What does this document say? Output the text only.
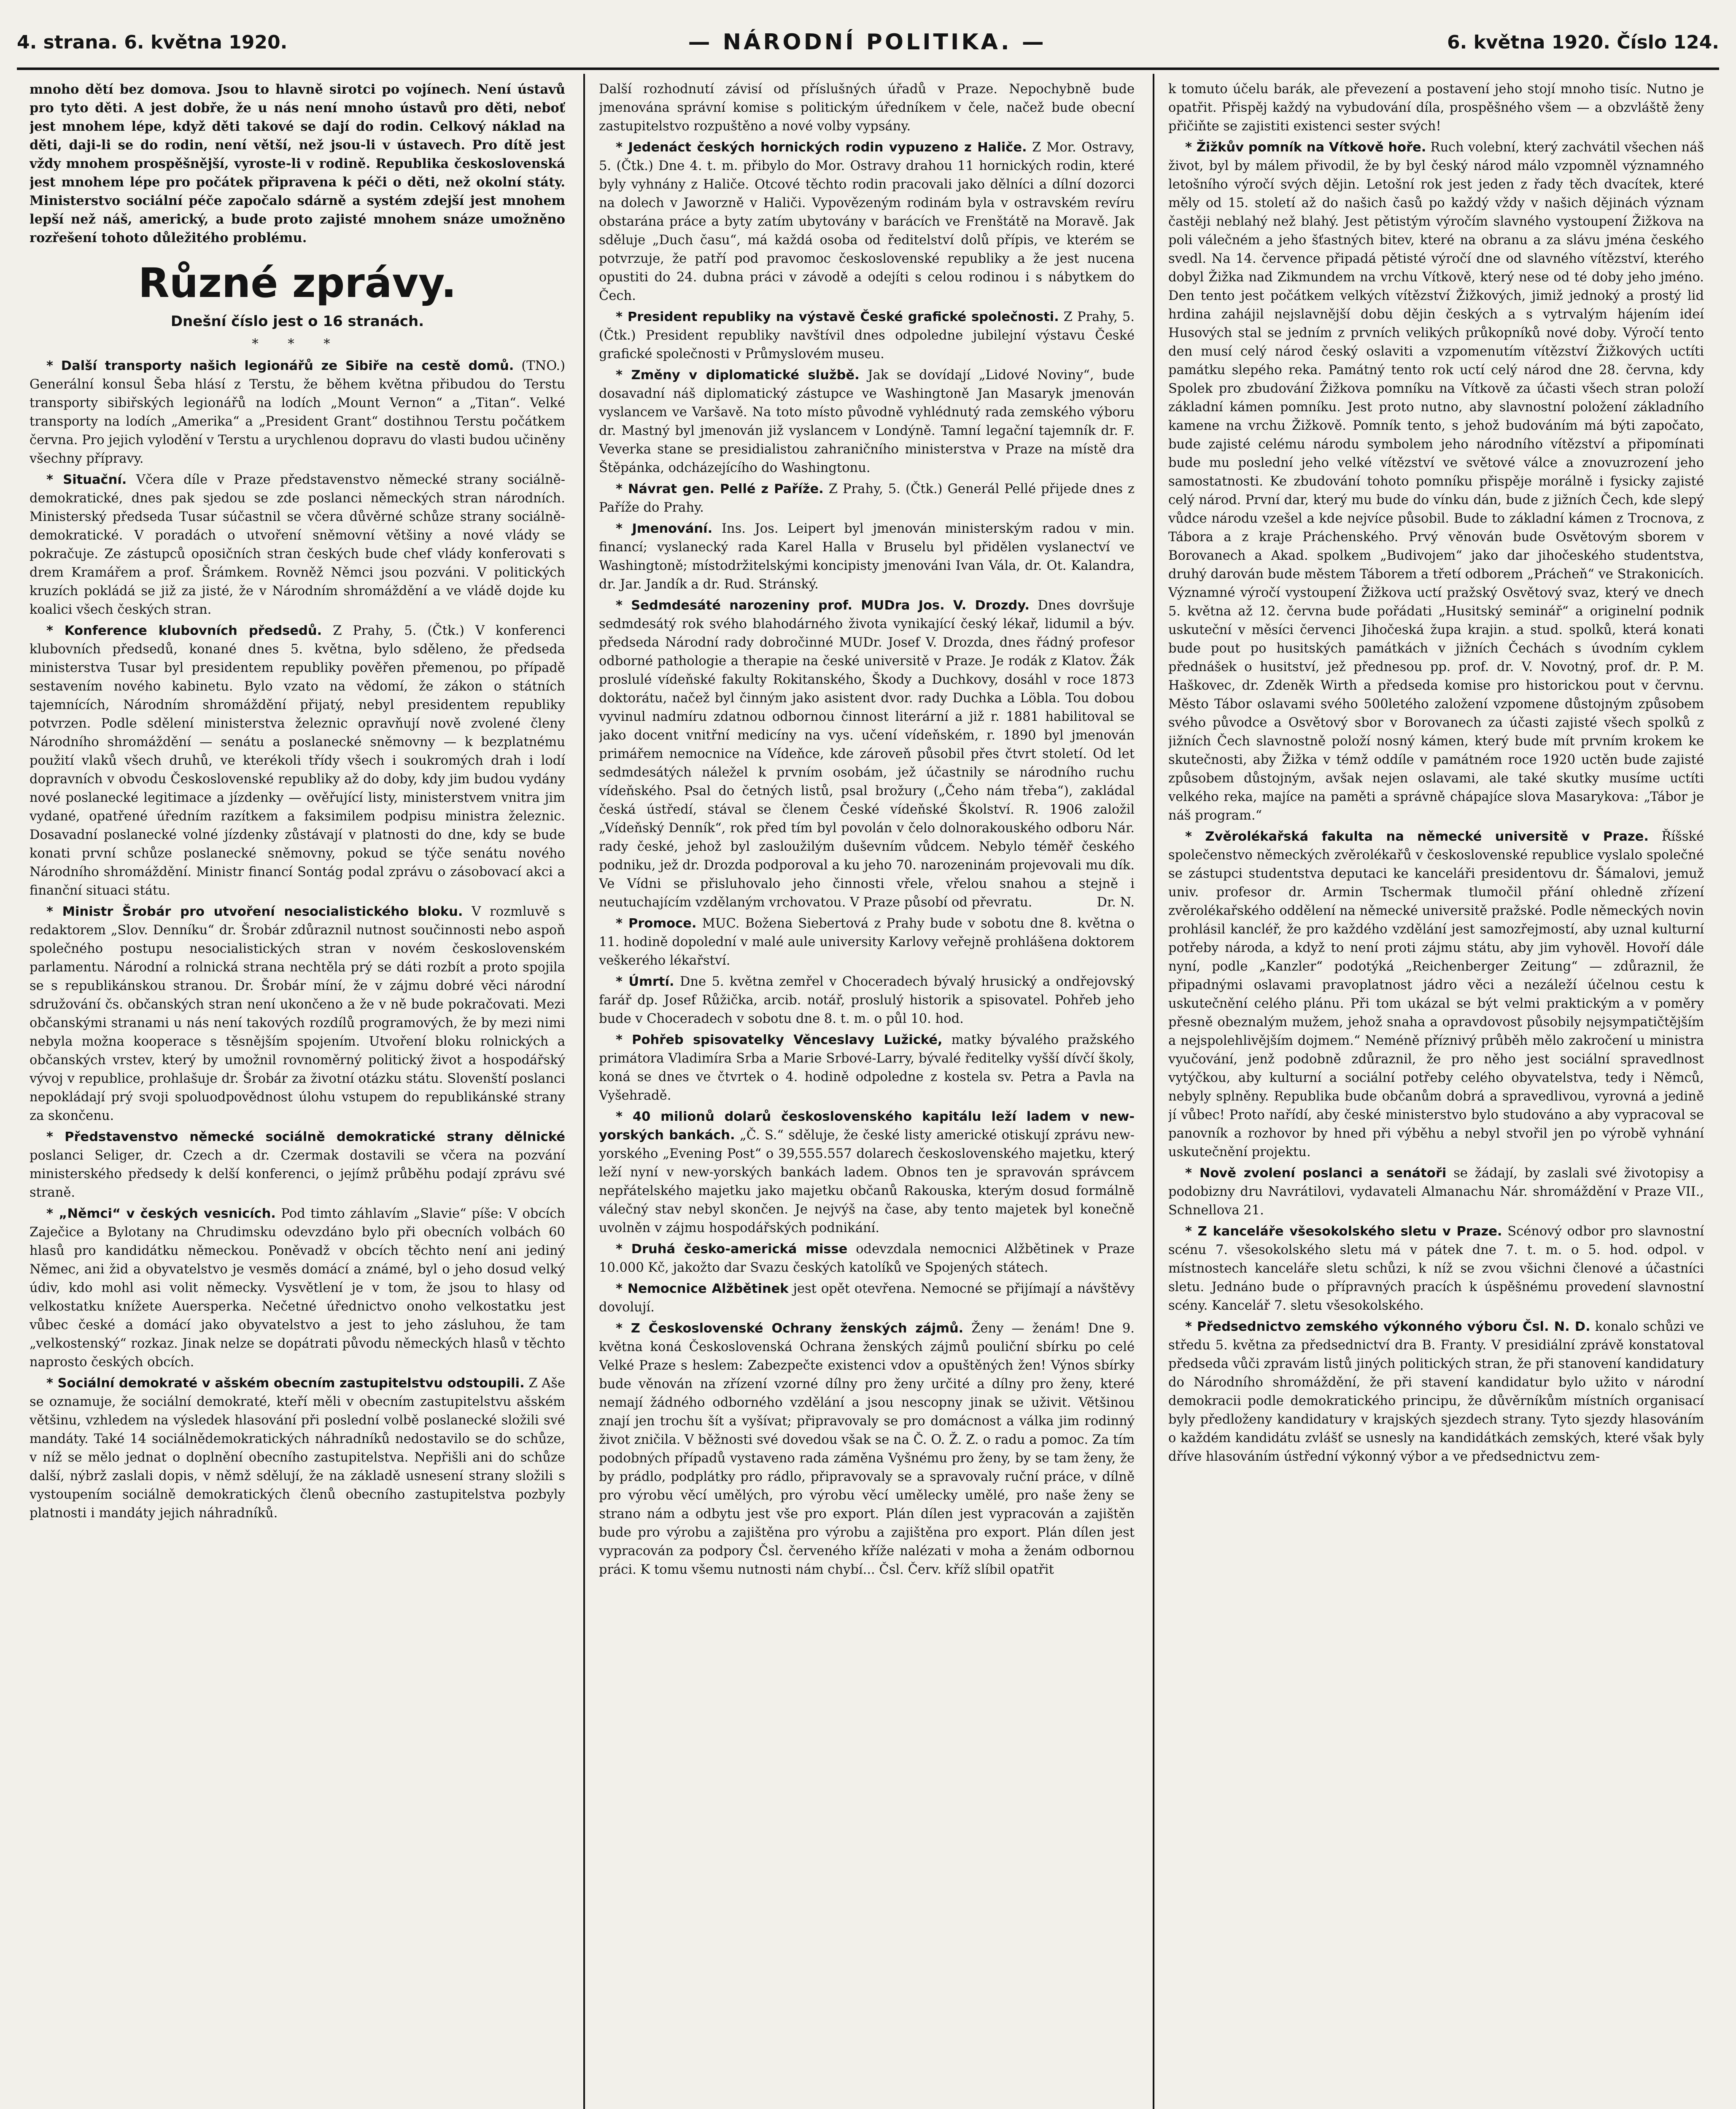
4. strana. 6. května 1920.	— NÁRODNÍ POLITIKA. —	6. května 1920. Číslo 124.

mnoho dětí bez domova. Jsou to hlavně sirotci po vojínech. Není ústavů pro tyto děti. A jest dobře, že u nás není mnoho ústavů pro děti, neboť jest mnohem lépe, když děti takové se dají do rodin. Celkový náklad na děti, daji-li se do rodin, není větší, než jsou-li v ústavech. Pro dítě jest vždy mnohem prospěšnější, vyroste-li v rodině. Republika československá jest mnohem lépe pro počátek připravena k péči o děti, než okolní státy. Ministerstvo sociální péče započalo sdárně a systém zdejší jest mnohem lepší než náš, americký, a bude proto zajisté mnohem snáze umožněno rozřešení tohoto důležitého problému.

Různé zprávy.
Dnešní číslo jest o 16 stranách.
* * *

* Další transporty našich legionářů ze Sibiře na cestě domů. (TNO.) Generální konsul Šeba hlásí z Terstu, že během května přibudou do Terstu transporty sibiřských legionářů na lodích „Mount Vernon“ a „Titan“. Velké transporty na lodích „Amerika“ a „President Grant“ dostihnou Terstu počátkem června. Pro jejich vylodění v Terstu a urychlenou dopravu do vlasti budou učiněny všechny přípravy.

* Situační. Včera díle v Praze představenstvo německé strany sociálně-demokratické, dnes pak sjedou se zde poslanci německých stran národních. Ministerský předseda Tusar súčastnil se včera důvěrné schůze strany sociálně-demokratické. V poradách o utvoření sněmovní většiny a nové vlády se pokračuje. Ze zástupců oposičních stran českých bude chef vlády konferovati s drem Kramářem a prof. Šrámkem. Rovněž Němci jsou pozváni. V politických kruzích pokládá se již za jisté, že v Národním shromáždění a ve vládě dojde ku koalici všech českých stran.

* Konference klubovních předsedů. Z Prahy, 5. (Čtk.) V konferenci klubovních předsedů, konané dnes 5. května, bylo sděleno, že předseda ministerstva Tusar byl presidentem republiky pověřen přemenou, po případě sestavením nového kabinetu. Bylo vzato na vědomí, že zákon o státních tajemnících, Národním shromáždění přijatý, nebyl presidentem republiky potvrzen. Podle sdělení ministerstva železnic opravňují nově zvolené členy Národního shromáždění — senátu a poslanecké sněmovny — k bezplatnému použití vlaků všech druhů, ve kterékoli třídy všech i soukromých drah i lodí dopravních v obvodu Československé republiky až do doby, kdy jim budou vydány nové poslanecké legitimace a jízdenky — ověřující listy, ministerstvem vnitra jim vydané, opatřené úředním razítkem a faksimilem podpisu ministra železnic. Dosavadní poslanecké volné jízdenky zůstávají v platnosti do dne, kdy se bude konati první schůze poslanecké sněmovny, pokud se týče senátu nového Národního shromáždění. Ministr financí Sontág podal zprávu o zásobovací akci a finanční situaci státu.

* Ministr Šrobár pro utvoření nesocialistického bloku. V rozmluvě s redaktorem „Slov. Denníku“ dr. Šrobár zdůraznil nutnost součinnosti nebo aspoň společného postupu nesocialistických stran v novém československém parlamentu. Národní a rolnická strana nechtěla prý se dáti rozbít a proto spojila se s republikánskou stranou. Dr. Šrobár míní, že v zájmu dobré věci národní sdružování čs. občanských stran není ukončeno a že v ně bude pokračovati. Mezi občanskými stranami u nás není takových rozdílů programových, že by mezi nimi nebyla možna kooperace s těsnějším spojením. Utvoření bloku rolnických a občanských vrstev, který by umožnil rovnoměrný politický život a hospodářský vývoj v republice, prohlašuje dr. Šrobár za životní otázku státu. Slovenští poslanci nepokládají prý svoji spoluodpovědnost úlohu vstupem do republikánské strany za skončenu.

* Představenstvo německé sociálně demokratické strany dělnické poslanci Seliger, dr. Czech a dr. Czermak dostavili se včera na pozvání ministerského předsedy k delší konferenci, o jejímž průběhu podají zprávu své straně.

* „Němci“ v českých vesnicích. Pod timto záhlavím „Slavie“ píše: V obcích Zaječice a Bylotany na Chrudimsku odevzdáno bylo při obecních volbách 60 hlasů pro kandidátku německou. Poněvadž v obcích těchto není ani jediný Němec, ani žid a obyvatelstvo je vesměs domácí a známé, byl o jeho dosud velký údiv, kdo mohl asi volit německy. Vysvětlení je v tom, že jsou to hlasy od velkostatku knížete Auersperka. Nečetné úřednictvo onoho velkostatku jest vůbec české a domácí jako obyvatelstvo a jest to jeho zásluhou, že tam „velkostenský“ rozkaz. Jinak nelze se dopátrati původu německých hlasů v těchto naprosto českých obcích.

* Sociální demokraté v ašském obecním zastupitelstvu odstoupili. Z Aše se oznamuje, že sociální demokraté, kteří měli v obecním zastupitelstvu ašském většinu, vzhledem na výsledek hlasování při poslední volbě poslanecké složili své mandáty. Také 14 sociálnědemokratických náhradníků nedostavilo se do schůze, v níž se mělo jednat o doplnění obecního zastupitelstva. Nepřišli ani do schůze další, nýbrž zaslali dopis, v němž sdělují, že na základě usnesení strany složili s vystoupením sociálně demokratických členů obecního zastupitelstva pozbyly platnosti i mandáty jejich náhradníků.

Další rozhodnutí závisí od příslušných úřadů v Praze. Nepochybně bude jmenována správní komise s politickým úředníkem v čele, načež bude obecní zastupitelstvo rozpuštěno a nové volby vypsány.

* Jedenáct českých hornických rodin vypuzeno z Haliče. Z Mor. Ostravy, 5. (Čtk.) Dne 4. t. m. přibylo do Mor. Ostravy drahou 11 hornických rodin, které byly vyhnány z Haliče. Otcové těchto rodin pracovali jako dělníci a dílní dozorci na dolech v Jaworzně v Haliči. Vypovězeným rodinám byla v ostravském revíru obstarána práce a byty zatím ubytovány v barácích ve Frenštátě na Moravě. Jak sděluje „Duch času“, má každá osoba od ředitelství dolů přípis, ve kterém se potvrzuje, že patří pod pravomoc československé republiky a že jest nucena opustiti do 24. dubna práci v závodě a odejíti s celou rodinou i s nábytkem do Čech.

* President republiky na výstavě České grafické společnosti. Z Prahy, 5. (Čtk.) President republiky navštívil dnes odpoledne jubilejní výstavu České grafické společnosti v Průmyslovém museu.

* Změny v diplomatické službě. Jak se dovídají „Lidové Noviny“, bude dosavadní náš diplomatický zástupce ve Washingtoně Jan Masaryk jmenován vyslancem ve Varšavě. Na toto místo původně vyhlédnutý rada zemského výboru dr. Mastný byl jmenován již vyslancem v Londýně. Tamní legační tajemník dr. F. Veverka stane se presidialistou zahraničního ministerstva v Praze na místě dra Štěpánka, odcházejícího do Washingtonu.

* Návrat gen. Pellé z Paříže. Z Prahy, 5. (Čtk.) Generál Pellé přijede dnes z Paříže do Prahy.

* Jmenování. Ins. Jos. Leipert byl jmenován ministerským radou v min. financí; vyslanecký rada Karel Halla v Bruselu byl přidělen vyslanectví ve Washingtoně; místodržitelskými koncipisty jmenováni Ivan Vála, dr. Ot. Kalandra, dr. Jar. Jandík a dr. Rud. Stránský.

* Sedmdesáté narozeniny prof. MUDra Jos. V. Drozdy. Dnes dovršuje sedmdesátý rok svého blahodárného života vynikající český lékař, lidumil a býv. předseda Národní rady dobročinné MUDr. Josef V. Drozda, dnes řádný profesor odborné pathologie a therapie na české universitě v Praze. Je rodák z Klatov. Žák proslulé vídeňské fakulty Rokitanského, Škody a Duchkovy, dosáhl v roce 1873 doktorátu, načež byl činným jako asistent dvor. rady Duchka a Löbla. Tou dobou vyvinul nadmíru zdatnou odbornou činnost literární a již r. 1881 habilitoval se jako docent vnitřní medicíny na vys. učení vídeňském, r. 1890 byl jmenován primářem nemocnice na Vídeňce, kde zároveň působil přes čtvrt století. Od let sedmdesátých náležel k prvním osobám, jež účastnily se národního ruchu vídeňského. Psal do četných listů, psal brožury („Čeho nám třeba“), zakládal česká ústředí, stával se členem České vídeňské Školství. R. 1906 založil „Vídeňský Denník“, rok před tím byl povolán v čelo dolnorakouského odboru Nár. rady české, jehož byl zasloužilým duševním vůdcem. Nebylo téměř českého podniku, jež dr. Drozda podporoval a ku jeho 70. narozeninám projevovali mu dík. Ve Vídni se přisluhovalo jeho činnosti vřele, vřelou snahou a stejně i neutuchajícím vzdělaným vrchovatou. V Praze působí od převratu.	Dr. N.

* Promoce. MUC. Božena Siebertová z Prahy bude v sobotu dne 8. května o 11. hodině dopolední v malé aule university Karlovy veřejně prohlášena doktorem veškerého lékařství.

* Úmrtí. Dne 5. května zemřel v Choceradech bývalý hrusický a ondřejovský farář dp. Josef Růžička, arcib. notář, proslulý historik a spisovatel. Pohřeb jeho bude v Choceradech v sobotu dne 8. t. m. o půl 10. hod.

* Pohřeb spisovatelky Věnceslavy Lužické, matky bývalého pražského primátora Vladimíra Srba a Marie Srbové-Larry, bývalé ředitelky vyšší dívčí školy, koná se dnes ve čtvrtek o 4. hodině odpoledne z kostela sv. Petra a Pavla na Vyšehradě.

* 40 milionů dolarů československého kapitálu leží ladem v new-yorských bankách. „Č. S.“ sděluje, že české listy americké otiskují zprávu new-yorského „Evening Post“ o 39,555.557 dolarech československého majetku, který leží nyní v new-yorských bankách ladem. Obnos ten je spravován správcem nepřátelského majetku jako majetku občanů Rakouska, kterým dosud formálně válečný stav nebyl skončen. Je nejvýš na čase, aby tento majetek byl konečně uvolněn v zájmu hospodářských podnikání.

* Druhá česko-americká misse odevzdala nemocnici Alžbětinek v Praze 10.000 Kč, jakožto dar Svazu českých katolíků ve Spojených státech.

* Nemocnice Alžbětinek jest opět otevřena. Nemocné se přijímají a návštěvy dovolují.

* Z Československé Ochrany ženských zájmů. Ženy — ženám! Dne 9. května koná Československá Ochrana ženských zájmů pouliční sbírku po celé Velké Praze s heslem: Zabezpečte existenci vdov a opuštěných žen! Výnos sbírky bude věnován na zřízení vzorné dílny pro ženy určité a dílny pro ženy, které nemají žádného odborného vzdělání a jsou nescopny jinak se uživit. Většinou znají jen trochu šít a vyšívat; připravovaly se pro domácnost a válka jim rodinný život zničila. V běžnosti své dovedou však se na Č. O. Ž. Z. o radu a pomoc. Za tím podobných případů vystaveno rada záměna Vyšnému pro ženy, by se tam ženy, že by prádlo, podplátky pro rádlo, připravovaly se a spravovaly ruční práce, v dílně pro výrobu věcí umělých, pro výrobu věcí umělecky umělé, pro naše ženy se strano nám a odbytu jest vše pro export. Plán dílen jest vypracován a zajištěn bude pro výrobu a zajištěna pro výrobu a zajištěna pro export. Plán dílen jest vypracován za podpory Čsl. červeného kříže nalézati v moha a ženám odbornou práci. K tomu všemu nutnosti nám chybí... Čsl. Červ. kříž slíbil opatřit

k tomuto účelu barák, ale převezení a postavení jeho stojí mnoho tisíc. Nutno je opatřit. Přispěj každý na vybudování díla, prospěšného všem — a obzvláště ženy přičiňte se zajistiti existenci sester svých!

* Žižkův pomník na Vítkově hoře. Ruch volební, který zachvátil všechen náš život, byl by málem přivodil, že by byl český národ málo vzpomněl významného letošního výročí svých dějin. Letošní rok jest jeden z řady těch dvacítek, které měly od 15. století až do našich časů po každý vždy v našich dějinách význam častěji neblahý než blahý. Jest pětistým výročím slavného vystoupení Žižkova na poli válečném a jeho šťastných bitev, které na obranu a za slávu jména českého svedl. Na 14. července připadá pětisté výročí dne od slavného vítězství, kterého dobyl Žižka nad Zikmundem na vrchu Vítkově, který nese od té doby jeho jméno. Den tento jest počátkem velkých vítězství Žižkových, jimiž jednoký a prostý lid hrdina zahájil nejslavnější dobu dějin českých a s vytrvalým hájením ideí Husových stal se jedním z prvních velikých průkopníků nové doby. Výročí tento den musí celý národ český oslaviti a vzpomenutím vítězství Žižkových uctíti památku slepého reka. Památný tento rok uctí celý národ dne 28. června, kdy Spolek pro zbudování Žižkova pomníku na Vítkově za účasti všech stran položí základní kámen pomníku. Jest proto nutno, aby slavnostní položení základního kamene na vrchu Žižkově. Pomník tento, s jehož budováním má býti započato, bude zajisté celému národu symbolem jeho národního vítězství a připomínati bude mu poslední jeho velké vítězství ve světové válce a znovuzrození jeho samostatnosti. Ke zbudování tohoto pomníku přispěje morálně i fysicky zajisté celý národ. První dar, který mu bude do vínku dán, bude z jižních Čech, kde slepý vůdce národu vzešel a kde nejvíce působil. Bude to základní kámen z Trocnova, z Tábora a z kraje Práchenského. Prvý věnován bude Osvětovým sborem v Borovanech a Akad. spolkem „Budivojem“ jako dar jihočeského studentstva, druhý darován bude městem Táborem a třetí odborem „Prácheň“ ve Strakonicích. Významné výročí vystoupení Žižkova uctí pražský Osvětový svaz, který ve dnech 5. května až 12. června bude pořádati „Husitský seminář“ a originelní podnik uskuteční v měsíci červenci Jihočeská župa krajin. a stud. spolků, která konati bude pout po husitských památkách v jižních Čechách s úvodním cyklem přednášek o husitství, jež přednesou pp. prof. dr. V. Novotný, prof. dr. P. M. Haškovec, dr. Zdeněk Wirth a předseda komise pro historickou pout v červnu. Město Tábor oslavami svého 500letého založení vzpomene důstojným způsobem svého původce a Osvětový sbor v Borovanech za účasti zajisté všech spolků z jižních Čech slavnostně položí nosný kámen, který bude mít prvním krokem ke skutečnosti, aby Žižka v témž oddíle v památném roce 1920 uctěn bude zajisté způsobem důstojným, avšak nejen oslavami, ale také skutky musíme uctíti velkého reka, majíce na paměti a správně chápajíce slova Masarykova: „Tábor je náš program.“

* Zvěrolékařská fakulta na německé universitě v Praze. Říšské společenstvo německých zvěrolékařů v československé republice vyslalo společné se zástupci studentstva deputaci ke kanceláři presidentovu dr. Šámalovi, jemuž univ. profesor dr. Armin Tschermak tlumočil přání ohledně zřízení zvěrolékařského oddělení na německé universitě pražské. Podle německých novin prohlásil kancléř, že pro každého vzdělání jest samozřejmostí, aby uznal kulturní potřeby národa, a když to není proti zájmu státu, aby jim vyhověl. Hovoří dále nyní, podle „Kanzler“ podotýká „Reichenberger Zeitung“ — zdůraznil, že připadnými oslavami pravoplatnost jádro věci a nezáleží účelnou cestu k uskutečnění celého plánu. Při tom ukázal se být velmi praktickým a v poměry přesně obeznalým mužem, jehož snaha a opravdovost působily nejsympatičtějším a nejspolehlivějším dojmem.“ Neméně příznivý průběh mělo zakročení u ministra vyučování, jenž podobně zdůraznil, že pro něho jest sociální spravedlnost vytýčkou, aby kulturní a sociální potřeby celého obyvatelstva, tedy i Němců, nebyly splněny. Republika bude občanům dobrá a spravedlivou, vyrovná a jedině jí vůbec! Proto nařídí, aby české ministerstvo bylo studováno a aby vypracoval se panovník a rozhovor by hned při výběhu a nebyl stvořil jen po výrobě vyhnání uskutečnění projektu.

* Nově zvolení poslanci a senátoři se žádají, by zaslali své životopisy a podobizny dru Navrátilovi, vydavateli Almanachu Nár. shromáždění v Praze VII., Schnellova 21.

* Z kanceláře všesokolského sletu v Praze. Scénový odbor pro slavnostní scénu 7. všesokolského sletu má v pátek dne 7. t. m. o 5. hod. odpol. v místnostech kanceláře sletu schůzi, k níž se zvou všichni členové a účastníci sletu. Jednáno bude o přípravných pracích k úspěšnému provedení slavnostní scény. Kancelář 7. sletu všesokolského.

* Předsednictvo zemského výkonného výboru Čsl. N. D. konalo schůzi ve středu 5. května za předsednictví dra B. Franty. V presidiální zprávě konstatoval předseda vůči zpravám listů jiných politických stran, že při stanovení kandidatury do Národního shromáždění, že při stavení kandidatur bylo užito v národní demokracii podle demokratického principu, že důvěrníkům místních organisací byly předloženy kandidatury v krajských sjezdech strany. Tyto sjezdy hlasováním o každém kandidátu zvlášť se usnesly na kandidátkách zemských, které však byly dříve hlasováním ústřední výkonný výbor a ve předsednictvu zem-
